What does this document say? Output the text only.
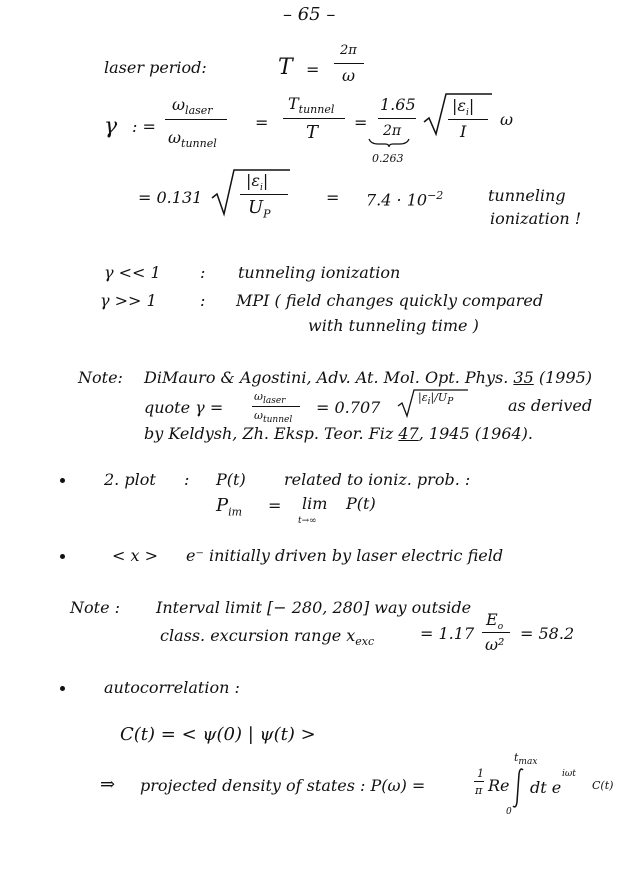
– 65 –
laser period:	T =
2π
ω
γ : =
$\omega_{laser}$
$\omega_{tunnel}$
=
$T_{tunnel}$
T =
1.65
2π
$|\varepsilon_i|$
I
ω
0.263
= 0.131
$|\varepsilon_i|$
$U_P$
= $7.4 \cdot 10^{-2}$	tunneling
ionization !
γ << 1 : tunneling ionization
γ >> 1	: MPI ( field changes quickly compared
with tunneling time )
Note: DiMauro & Agostini, Adv. At. Mol. Opt. Phys. 35 (1995)
quote γ =
$\omega_{laser}$
$\omega_{tunnel}$
= 0.707
$|\varepsilon_i|/U_P$	as derived
by Keldysh, Zh. Eksp. Teor. Fiz 47, 1945 (1964).
2. plot : P(t) related to ioniz. prob. :
$P_{im} = \lim$
t→∞
P(t)
< x > e⁻ initially driven by laser electric field
Note : Interval limit [− 280, 280] way outside
class. excursion range $x_{exc}$	= 1.17
$E_o$
ω²
= 58.2
autocorrelation :
C(t) = < ψ(0) | ψ(t) >
⇒ projected density of states : P(ω) =
1
π Re
$t_{max}$
0
dt e
iωt
C(t)
